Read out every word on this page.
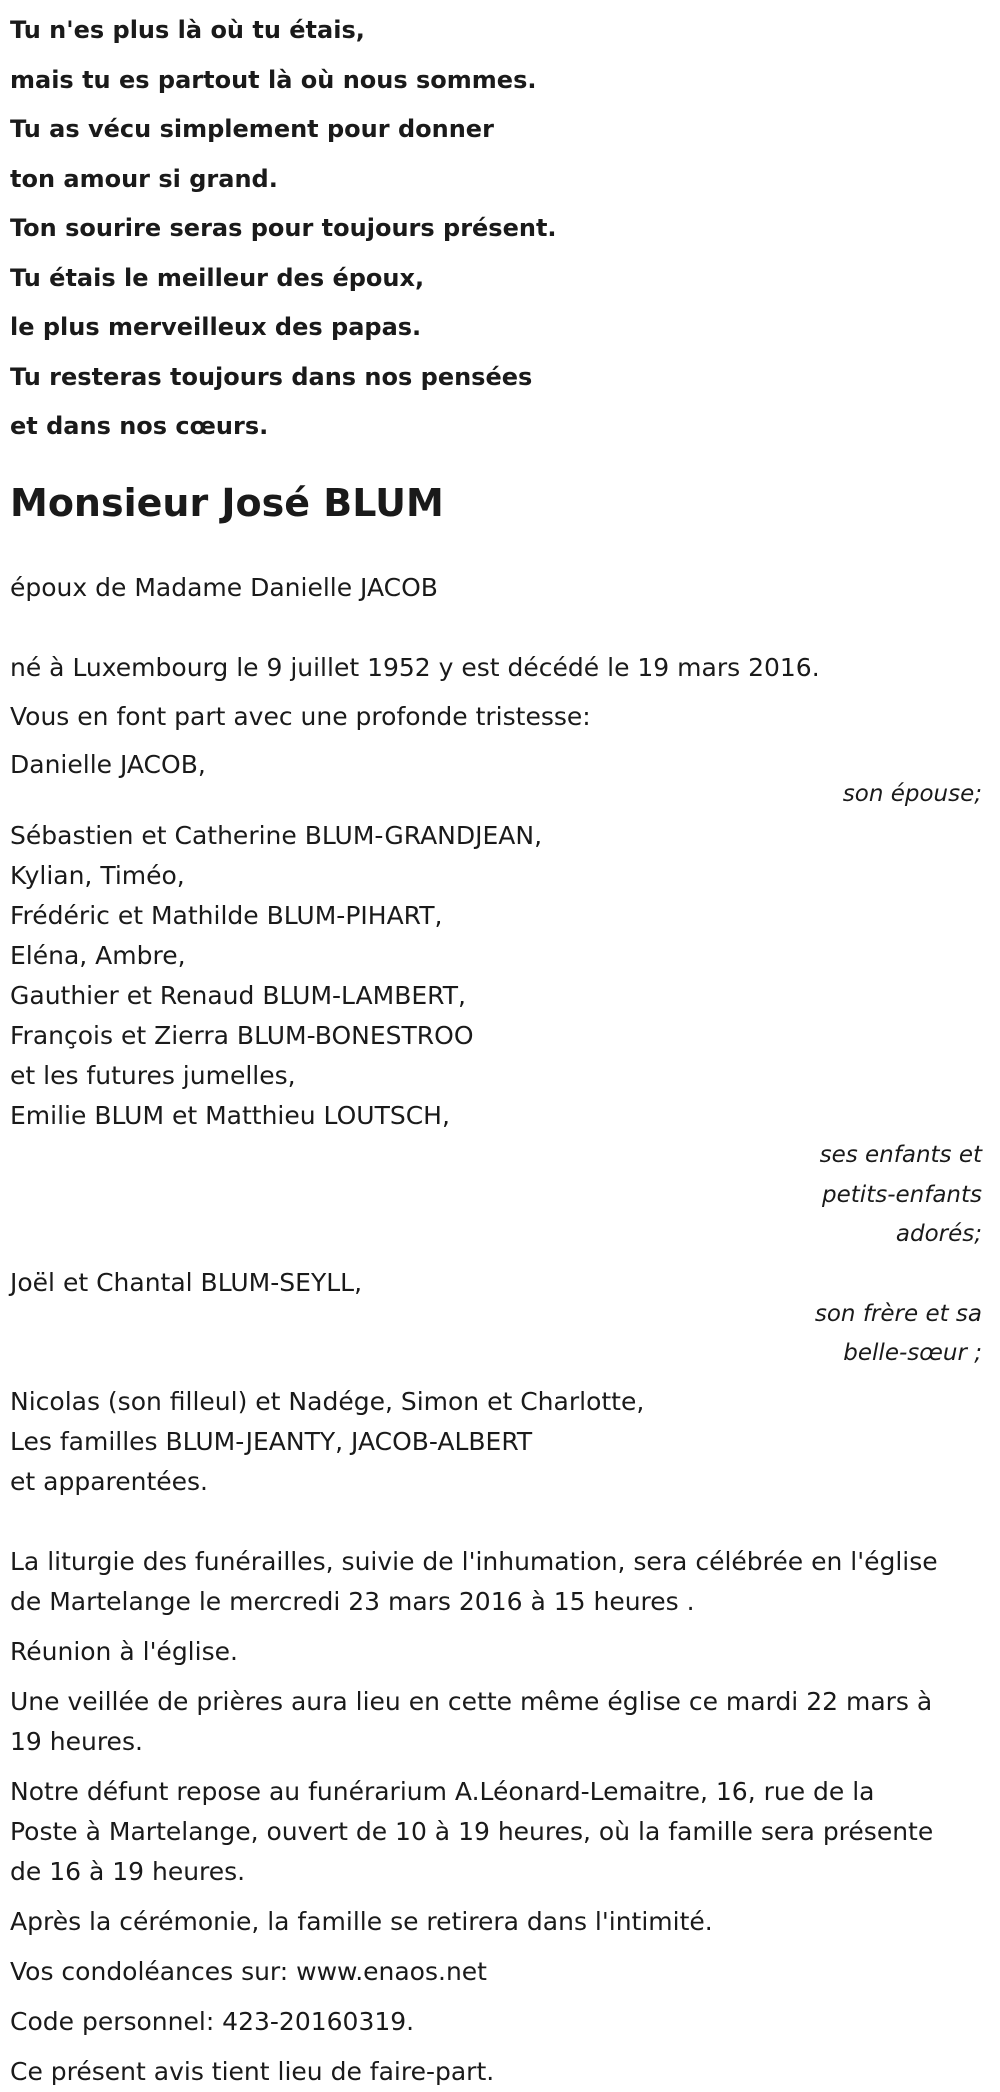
Tu n'es plus là où tu étais,
mais tu es partout là où nous sommes.
Tu as vécu simplement pour donner
ton amour si grand.
Ton sourire seras pour toujours présent.
Tu étais le meilleur des époux,
le plus merveilleux des papas.
Tu resteras toujours dans nos pensées
et dans nos cœurs.
Monsieur José BLUM
époux de Madame Danielle JACOB
né à Luxembourg le 9 juillet 1952 y est décédé le 19 mars 2016.
Vous en font part avec une profonde tristesse:
Danielle JACOB,
son épouse;
Sébastien et Catherine BLUM-GRANDJEAN,
Kylian, Timéo,
Frédéric et Mathilde BLUM-PIHART,
Eléna, Ambre,
Gauthier et Renaud BLUM-LAMBERT,
François et Zierra BLUM-BONESTROO
et les futures jumelles,
Emilie BLUM et Matthieu LOUTSCH,
ses enfants et
petits-enfants
adorés;
Joël et Chantal BLUM-SEYLL,
son frère et sa
belle-sœur ;
Nicolas (son filleul) et Nadége, Simon et Charlotte,
Les familles BLUM-JEANTY, JACOB-ALBERT
et apparentées.
La liturgie des funérailles, suivie de l'inhumation, sera célébrée en l'église
de Martelange le mercredi 23 mars 2016 à 15 heures .
Réunion à l'église.
Une veillée de prières aura lieu en cette même église ce mardi 22 mars à
19 heures.
Notre défunt repose au funérarium A.Léonard-Lemaitre, 16, rue de la
Poste à Martelange, ouvert de 10 à 19 heures, où la famille sera présente
de 16 à 19 heures.
Après la cérémonie, la famille se retirera dans l'intimité.
Vos condoléances sur: www.enaos.net
Code personnel: 423-20160319.
Ce présent avis tient lieu de faire-part.
